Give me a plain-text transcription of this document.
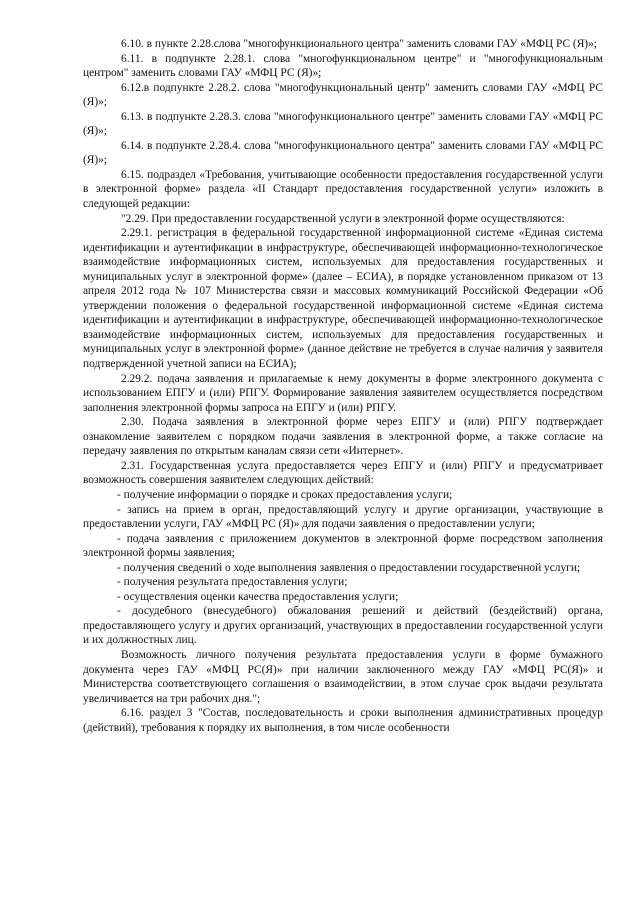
6.10. в пункте 2.28.слова "многофункционального центра" заменить словами ГАУ «МФЦ РС (Я)»;

6.11. в подпункте 2.28.1. слова "многофункциональном центре" и "многофункциональным центром" заменить словами ГАУ «МФЦ РС (Я)»;

6.12.в подпункте 2.28.2. слова "многофункциональный центр" заменить словами ГАУ «МФЦ РС (Я)»;

6.13. в подпункте 2.28.3. слова "многофункционального центре" заменить словами ГАУ «МФЦ РС (Я)»;

6.14. в подпункте 2.28.4. слова "многофункционального центра" заменить словами ГАУ «МФЦ РС (Я)»;

6.15. подраздел «Требования, учитывающие особенности предоставления государственной услуги в электронной форме» раздела «II Стандарт предоставления государственной услуги» изложить в следующей редакции:

"2.29. При предоставлении государственной услуги в электронной форме осуществляются:

2.29.1. регистрация в федеральной государственной информационной системе «Единая система идентификации и аутентификации в инфраструктуре, обеспечивающей информационно-технологическое взаимодействие информационных систем, используемых для предоставления государственных и муниципальных услуг в электронной форме» (далее – ЕСИА), в порядке установленном приказом от 13 апреля 2012 года № 107 Министерства связи и массовых коммуникаций Российской Федерации «Об утверждении положения о федеральной государственной информационной системе «Единая система идентификации и аутентификации в инфраструктуре, обеспечивающей информационно-технологическое взаимодействие информационных систем, используемых для предоставления государственных и муниципальных услуг в электронной форме» (данное действие не требуется в случае наличия у заявителя подтвержденной учетной записи на ЕСИА);

2.29.2. подача заявления и прилагаемые к нему документы в форме электронного документа с использованием ЕПГУ и (или) РПГУ. Формирование заявления заявителем осуществляется посредством заполнения электронной формы запроса на ЕПГУ и (или) РПГУ.

2.30. Подача заявления в электронной форме через ЕПГУ и (или) РПГУ подтверждает ознакомление заявителем с порядком подачи заявления в электронной форме, а также согласие на передачу заявления по открытым каналам связи сети «Интернет».

2.31. Государственная услуга предоставляется через ЕПГУ и (или) РПГУ и предусматривает возможность совершения заявителем следующих действий:

- получение информации о порядке и сроках предоставления услуги;

- запись на прием в орган, предоставляющий услугу и другие организации, участвующие в предоставлении услуги, ГАУ «МФЦ РС (Я)» для подачи заявления о предоставлении услуги;

- подача заявления с приложением документов в электронной форме посредством заполнения электронной формы заявления;

- получения сведений о ходе выполнения заявления о предоставлении государственной услуги;

- получения результата предоставления услуги;

- осуществления оценки качества предоставления услуги;

- досудебного (внесудебного) обжалования решений и действий (бездействий) органа, предоставляющего услугу и других организаций, участвующих в предоставлении государственной услуги и их должностных лиц.

Возможность личного получения результата предоставления услуги в форме бумажного документа через ГАУ «МФЦ РС(Я)» при наличии заключенного между ГАУ «МФЦ РС(Я)» и Министерства соответствующего соглашения о взаимодействии, в этом случае срок выдачи результата увеличивается на три рабочих дня.";

6.16. раздел 3 "Состав, последовательность и сроки выполнения административных процедур (действий), требования к порядку их выполнения, в том числе особенности
